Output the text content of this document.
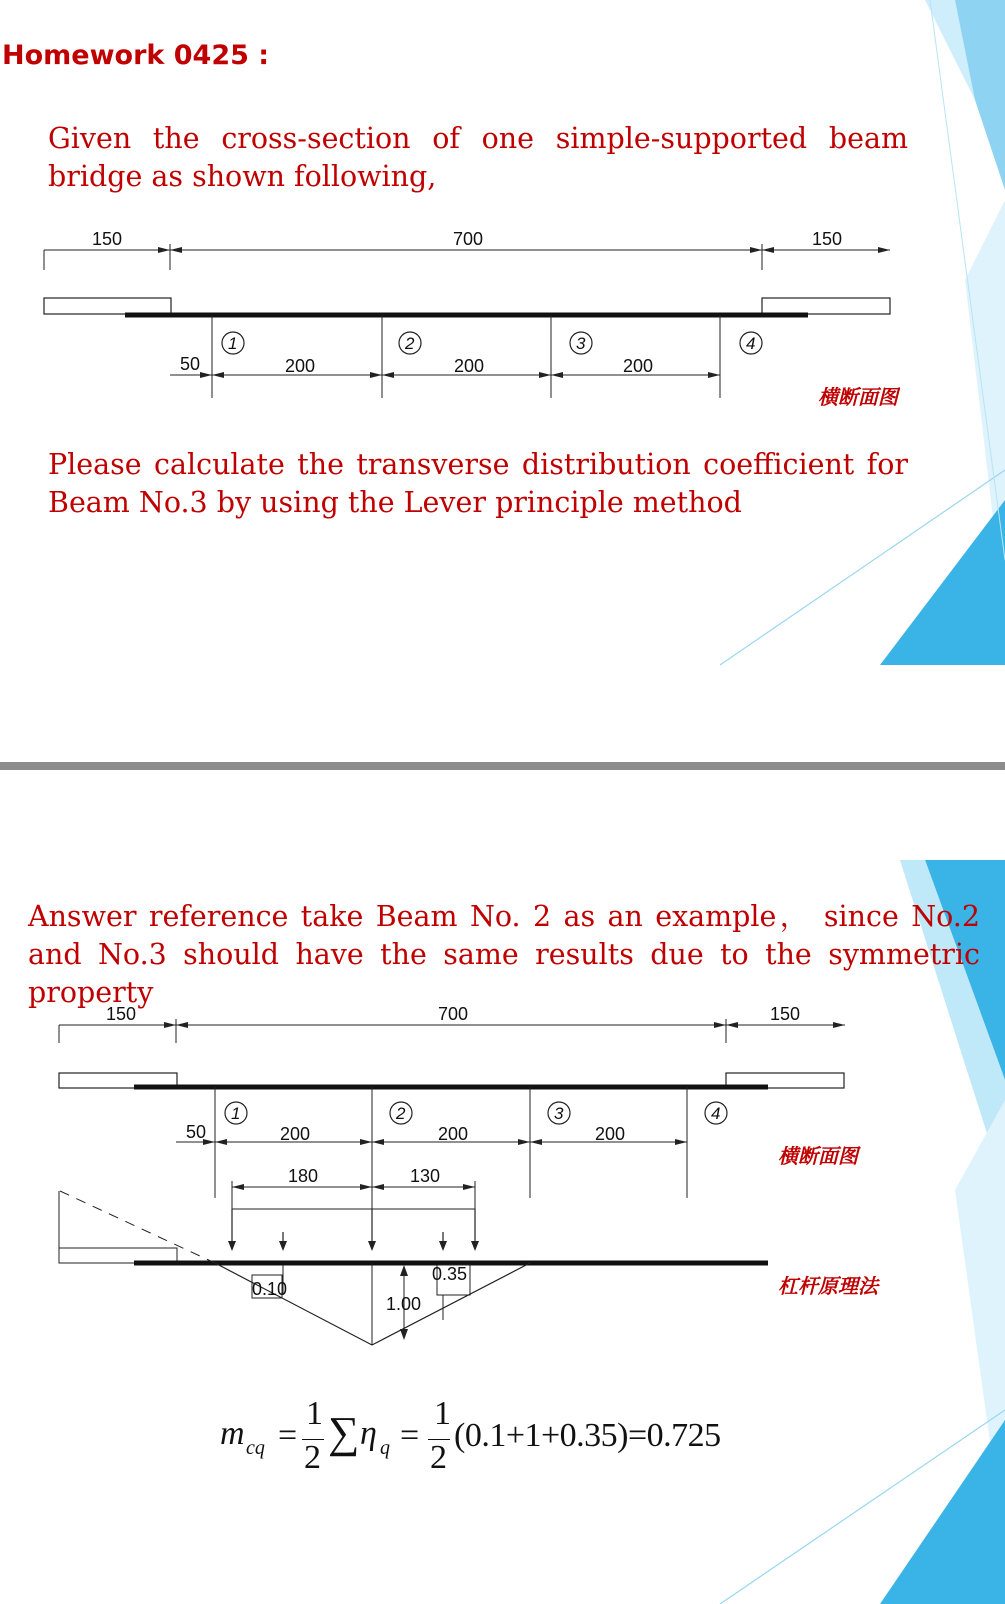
Homework 0425 :

Given the cross-section of one simple-supported beam bridge as shown following,

150	700	150
50	200	200	200
1	2	3	4
横断面图

Please calculate the transverse distribution coefficient for Beam No.3 by using the Lever principle method

Answer reference take Beam No. 2 as an example， since No.2 and No.3 should have the same results due to the symmetric property

150	700	150
50	200	200	200
1	2	3	4
180	130
0.10
1.00
0.35
横断面图
杠杆原理法
m cq =
1
2
∑ η q =
1
2
(0.1+1+0.35)=0.725
